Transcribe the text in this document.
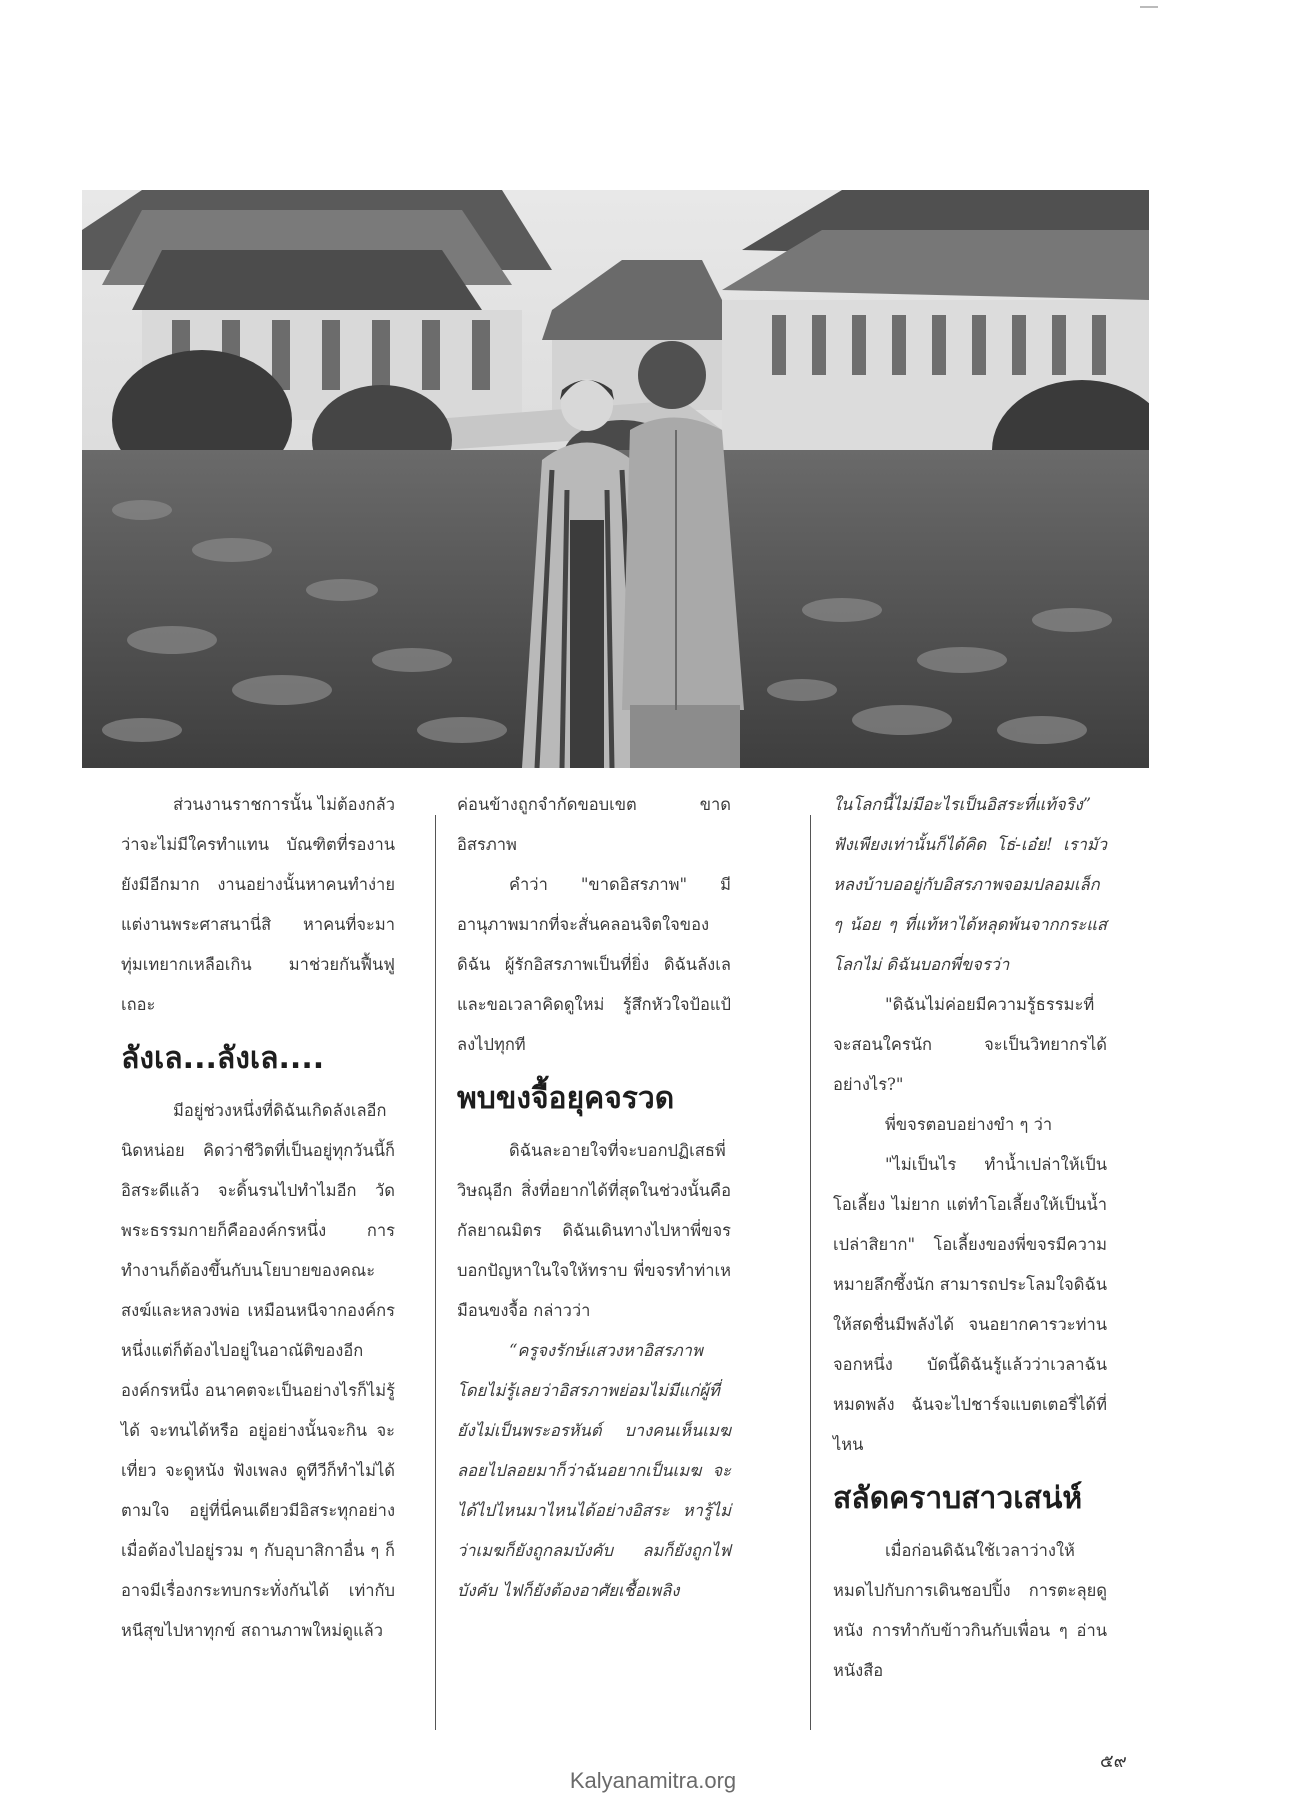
ส่วนงานราชการนั้น ไม่ต้องกลัวว่าจะไม่มีใครทำแทน บัณฑิตที่รองานยังมีอีกมาก งานอย่างนั้นหาคนทำง่าย แต่งานพระศาสนานี่สิ หาคนที่จะมาทุ่มเทยากเหลือเกิน มาช่วยกันฟื้นฟูเถอะ

ลังเล...ลังเล....

มีอยู่ช่วงหนึ่งที่ดิฉันเกิดลังเลอีกนิดหน่อย คิดว่าชีวิตที่เป็นอยู่ทุกวันนี้ก็อิสระดีแล้ว จะดิ้นรนไปทำไมอีก วัดพระธรรมกายก็คือองค์กรหนึ่ง การทำงานก็ต้องขึ้นกับนโยบายของคณะสงฆ์และหลวงพ่อ เหมือนหนีจากองค์กรหนึ่งแต่ก็ต้องไปอยู่ในอาณัติของอีกองค์กรหนึ่ง อนาคตจะเป็นอย่างไรก็ไม่รู้ได้ จะทนได้หรือ อยู่อย่างนั้นจะกิน จะเที่ยว จะดูหนัง ฟังเพลง ดูทีวีก็ทำไม่ได้ตามใจ อยู่ที่นี่คนเดียวมีอิสระทุกอย่าง เมื่อต้องไปอยู่รวม ๆ กับอุบาสิกาอื่น ๆ ก็อาจมีเรื่องกระทบกระทั่งกันได้ เท่ากับหนีสุขไปหาทุกข์ สถานภาพใหม่ดูแล้ว

ค่อนข้างถูกจำกัดขอบเขต ขาดอิสรภาพ

คำว่า "ขาดอิสรภาพ" มีอานุภาพมากที่จะสั่นคลอนจิตใจของดิฉัน ผู้รักอิสรภาพเป็นที่ยิ่ง ดิฉันลังเลและขอเวลาคิดดูใหม่ รู้สึกหัวใจป้อแป้ลงไปทุกที

พบขงจื้อยุคจรวด

ดิฉันละอายใจที่จะบอกปฏิเสธพี่วิษณุอีก สิ่งที่อยากได้ที่สุดในช่วงนั้นคือกัลยาณมิตร ดิฉันเดินทางไปหาพี่ขจร บอกปัญหาในใจให้ทราบ พี่ขจรทำท่าเหมือนขงจื้อ กล่าวว่า

“ครูจงรักษ์แสวงหาอิสรภาพโดยไม่รู้เลยว่าอิสรภาพย่อมไม่มีแก่ผู้ที่ยังไม่เป็นพระอรหันต์ บางคนเห็นเมฆลอยไปลอยมาก็ว่าฉันอยากเป็นเมฆ จะได้ไปไหนมาไหนได้อย่างอิสระ หารู้ไม่ว่าเมฆก็ยังถูกลมบังคับ ลมก็ยังถูกไฟบังคับ ไฟก็ยังต้องอาศัยเชื้อเพลิง

ในโลกนี้ไม่มีอะไรเป็นอิสระที่แท้จริง” ฟังเพียงเท่านั้นก็ได้คิด โธ่-เอ๋ย! เรามัวหลงบ้าบออยู่กับอิสรภาพจอมปลอมเล็ก ๆ น้อย ๆ ที่แท้หาได้หลุดพ้นจากกระแสโลกไม่ ดิฉันบอกพี่ขจรว่า

"ดิฉันไม่ค่อยมีความรู้ธรรมะที่จะสอนใครนัก จะเป็นวิทยากรได้อย่างไร?"

พี่ขจรตอบอย่างขำ ๆ ว่า

"ไม่เป็นไร ทำน้ำเปล่าให้เป็นโอเลี้ยง ไม่ยาก แต่ทำโอเลี้ยงให้เป็นน้ำเปล่าสิยาก" โอเลี้ยงของพี่ขจรมีความหมายลึกซึ้งนัก สามารถประโลมใจดิฉันให้สดชื่นมีพลังได้ จนอยากคารวะท่านจอกหนึ่ง บัดนี้ดิฉันรู้แล้วว่าเวลาฉันหมดพลัง ฉันจะไปชาร์จแบตเตอรี่ได้ที่ไหน

สลัดคราบสาวเสน่ห์

เมื่อก่อนดิฉันใช้เวลาว่างให้หมดไปกับการเดินชอปปิ้ง การตะลุยดูหนัง การทำกับข้าวกินกับเพื่อน ๆ อ่านหนังสือ

๕๙
Kalyanamitra.org
